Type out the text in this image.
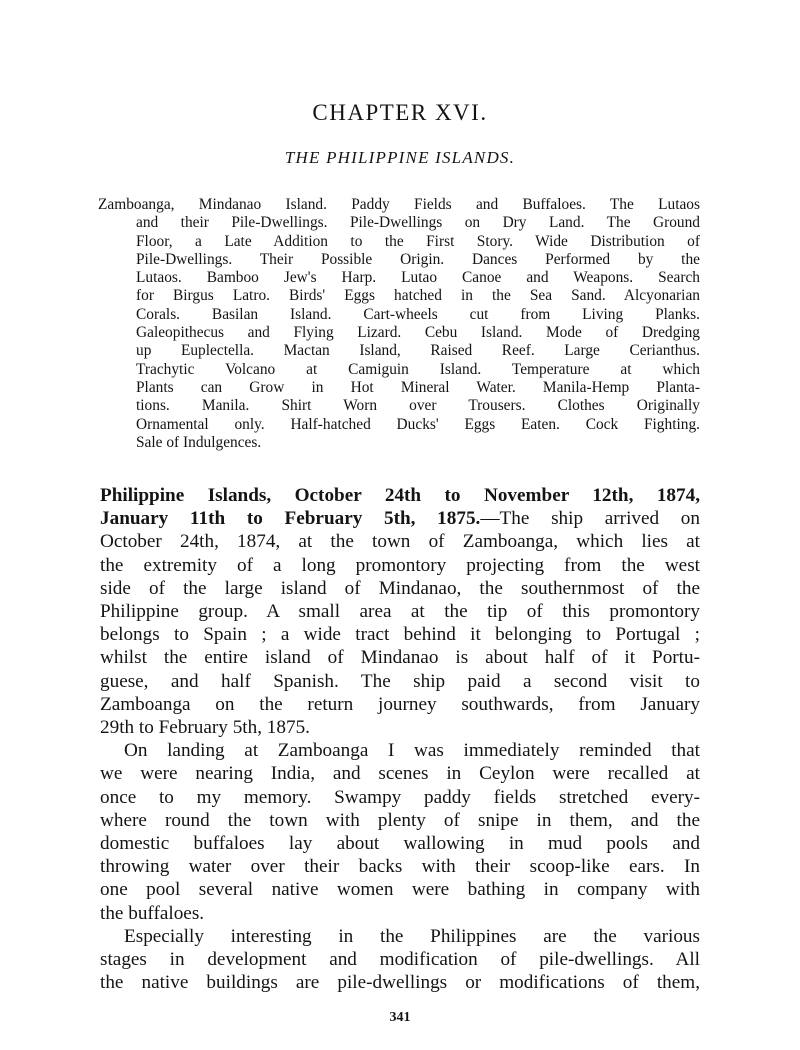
CHAPTER XVI.
THE PHILIPPINE ISLANDS.
Zamboanga, Mindanao Island. Paddy Fields and Buffaloes. The Lutaos
and their Pile-Dwellings. Pile-Dwellings on Dry Land. The Ground
Floor, a Late Addition to the First Story. Wide Distribution of
Pile-Dwellings. Their Possible Origin. Dances Performed by the
Lutaos. Bamboo Jew's Harp. Lutao Canoe and Weapons. Search
for Birgus Latro. Birds' Eggs hatched in the Sea Sand. Alcyonarian
Corals. Basilan Island. Cart-wheels cut from Living Planks.
Galeopithecus and Flying Lizard. Cebu Island. Mode of Dredging
up Euplectella. Mactan Island, Raised Reef. Large Cerianthus.
Trachytic Volcano at Camiguin Island. Temperature at which
Plants can Grow in Hot Mineral Water. Manila-Hemp Planta-
tions. Manila. Shirt Worn over Trousers. Clothes Originally
Ornamental only. Half-hatched Ducks' Eggs Eaten. Cock Fighting.
Sale of Indulgences.
Philippine Islands, October 24th to November 12th, 1874,
January 11th to February 5th, 1875.—The ship arrived on
October 24th, 1874, at the town of Zamboanga, which lies at
the extremity of a long promontory projecting from the west
side of the large island of Mindanao, the southernmost of the
Philippine group. A small area at the tip of this promontory
belongs to Spain ; a wide tract behind it belonging to Portugal ;
whilst the entire island of Mindanao is about half of it Portu-
guese, and half Spanish. The ship paid a second visit to
Zamboanga on the return journey southwards, from January
29th to February 5th, 1875.
On landing at Zamboanga I was immediately reminded that
we were nearing India, and scenes in Ceylon were recalled at
once to my memory. Swampy paddy fields stretched every-
where round the town with plenty of snipe in them, and the
domestic buffaloes lay about wallowing in mud pools and
throwing water over their backs with their scoop-like ears. In
one pool several native women were bathing in company with
the buffaloes.
Especially interesting in the Philippines are the various
stages in development and modification of pile-dwellings. All
the native buildings are pile-dwellings or modifications of them,
341
